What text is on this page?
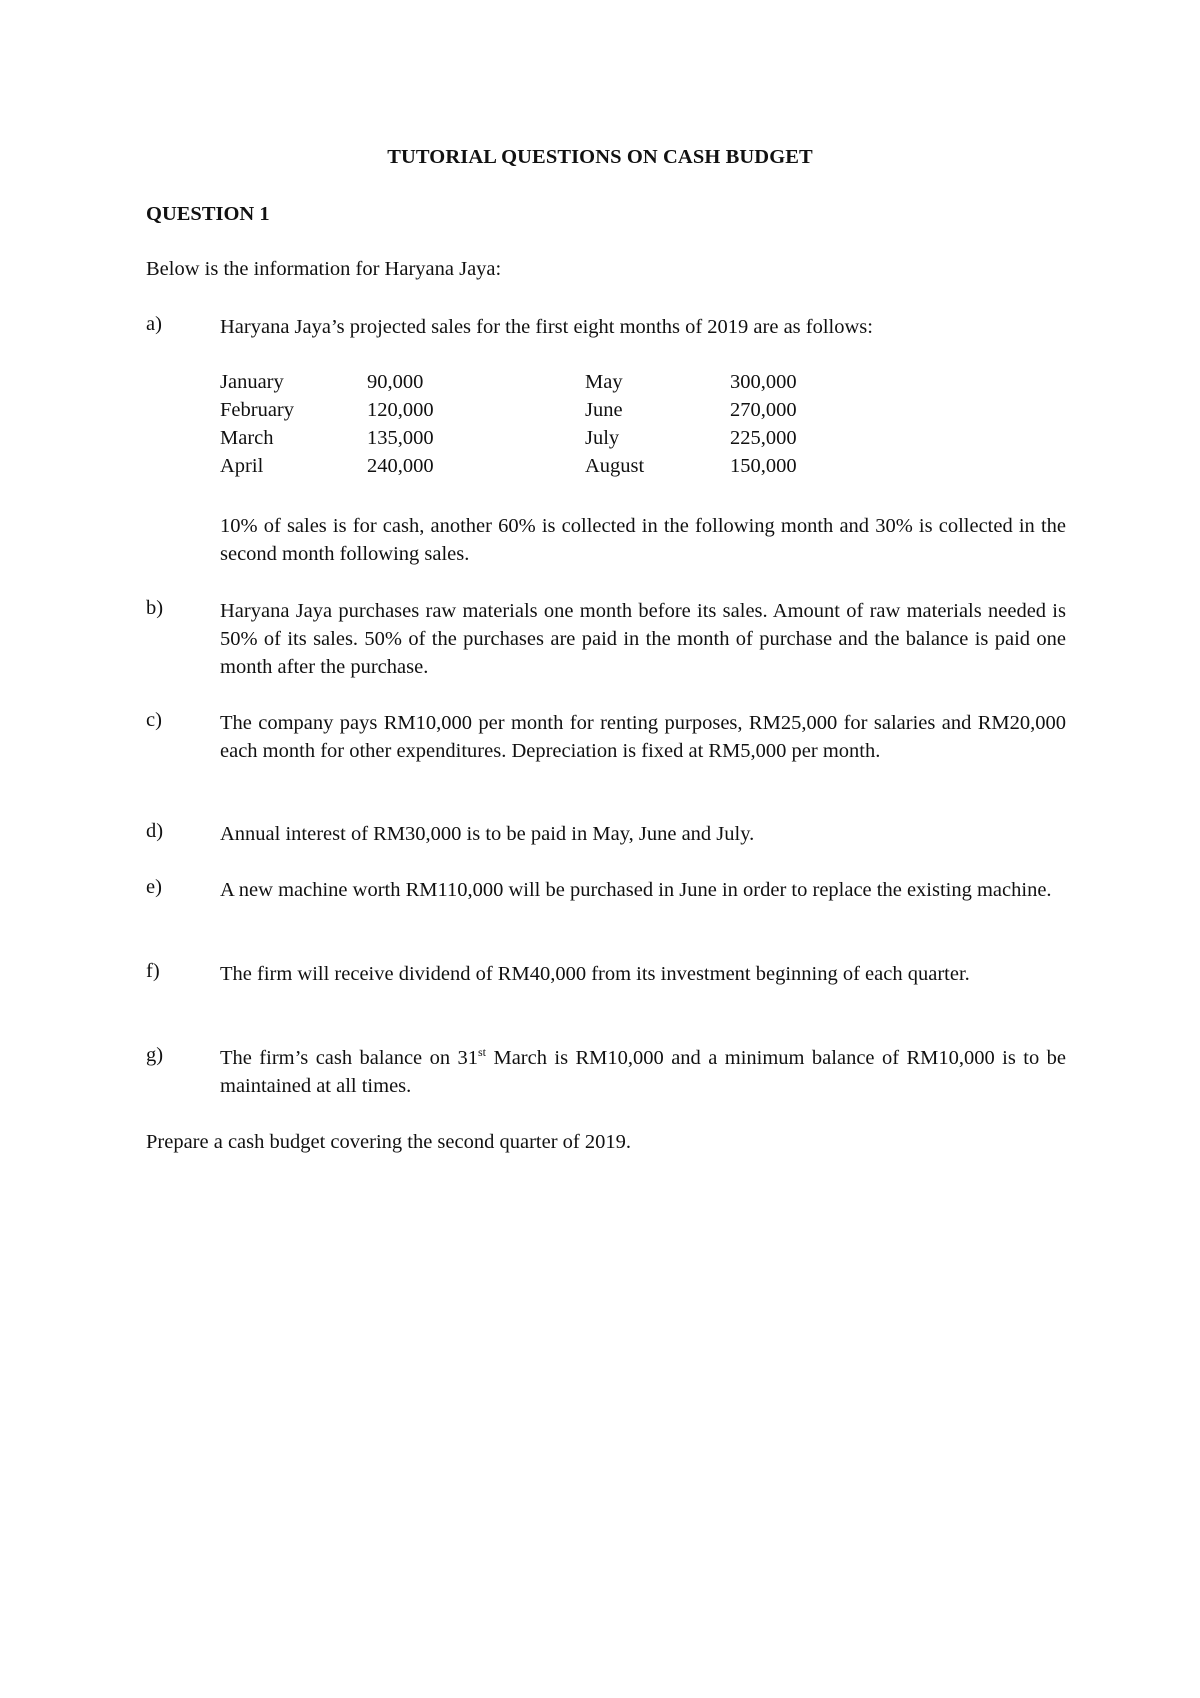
TUTORIAL QUESTIONS ON CASH BUDGET
QUESTION 1
Below is the information for Haryana Jaya:
a)	Haryana Jaya’s projected sales for the first eight months of 2019 are as follows:
January	90,000	May	300,000
February	120,000	June	270,000
March	135,000	July	225,000
April	240,000	August	150,000
10% of sales is for cash, another 60% is collected in the following month and 30% is collected in the second month following sales.
b)	Haryana Jaya purchases raw materials one month before its sales. Amount of raw materials needed is 50% of its sales. 50% of the purchases are paid in the month of purchase and the balance is paid one month after the purchase.
c)	The company pays RM10,000 per month for renting purposes, RM25,000 for salaries and RM20,000 each month for other expenditures. Depreciation is fixed at RM5,000 per month.
d)	Annual interest of RM30,000 is to be paid in May, June and July.
e)	A new machine worth RM110,000 will be purchased in June in order to replace the existing machine.
f)	The firm will receive dividend of RM40,000 from its investment beginning of each quarter.
g)	The firm’s cash balance on 31st March is RM10,000 and a minimum balance of RM10,000 is to be maintained at all times.
Prepare a cash budget covering the second quarter of 2019.
